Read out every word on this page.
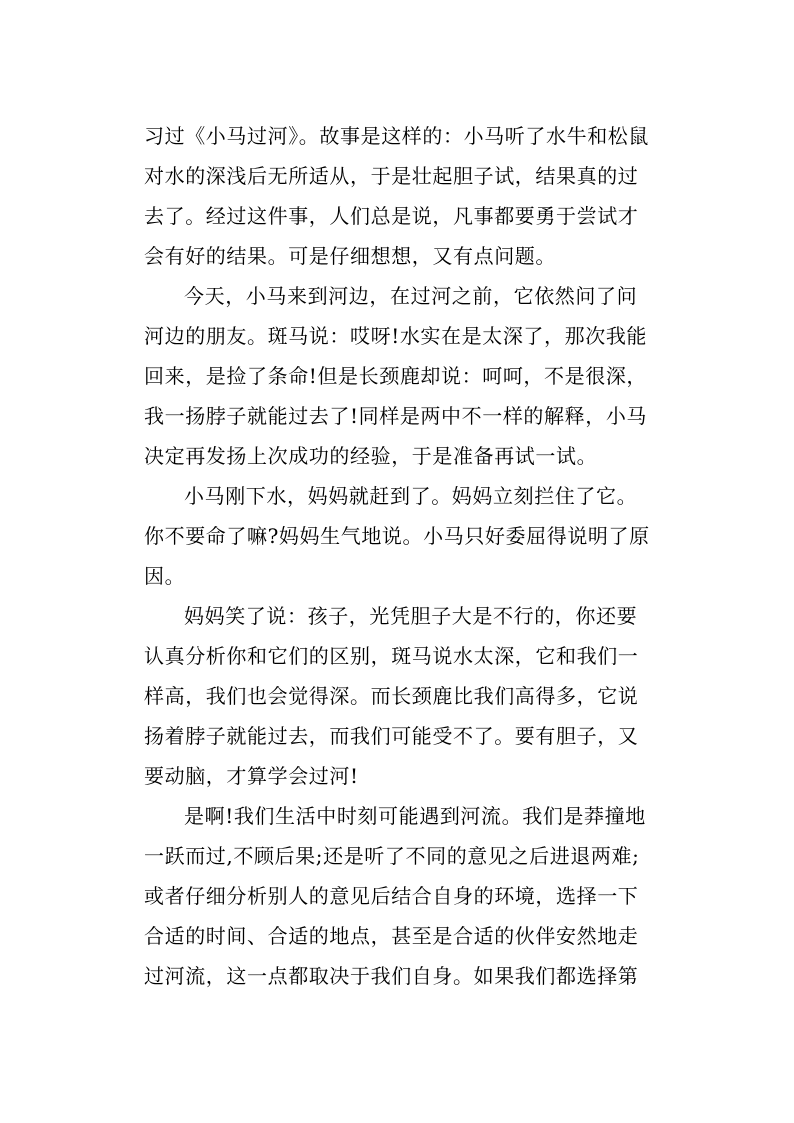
习过《小马过河》。故事是这样的：小马听了水牛和松鼠
对水的深浅后无所适从，于是壮起胆子试，结果真的过
去了。经过这件事，人们总是说，凡事都要勇于尝试才
会有好的结果。可是仔细想想，又有点问题。
今天，小马来到河边，在过河之前，它依然问了问
河边的朋友。斑马说：哎呀!水实在是太深了，那次我能
回来，是捡了条命!但是长颈鹿却说：呵呵，不是很深，
我一扬脖子就能过去了!同样是两中不一样的解释，小马
决定再发扬上次成功的经验，于是准备再试一试。
小马刚下水，妈妈就赶到了。妈妈立刻拦住了它。
你不要命了嘛?妈妈生气地说。小马只好委屈得说明了原
因。
妈妈笑了说：孩子，光凭胆子大是不行的，你还要
认真分析你和它们的区别，斑马说水太深，它和我们一
样高，我们也会觉得深。而长颈鹿比我们高得多，它说
扬着脖子就能过去，而我们可能受不了。要有胆子，又
要动脑，才算学会过河!
是啊!我们生活中时刻可能遇到河流。我们是莽撞地
一跃而过,不顾后果;还是听了不同的意见之后进退两难;
或者仔细分析别人的意见后结合自身的环境，选择一下
合适的时间、合适的地点，甚至是合适的伙伴安然地走
过河流，这一点都取决于我们自身。如果我们都选择第
